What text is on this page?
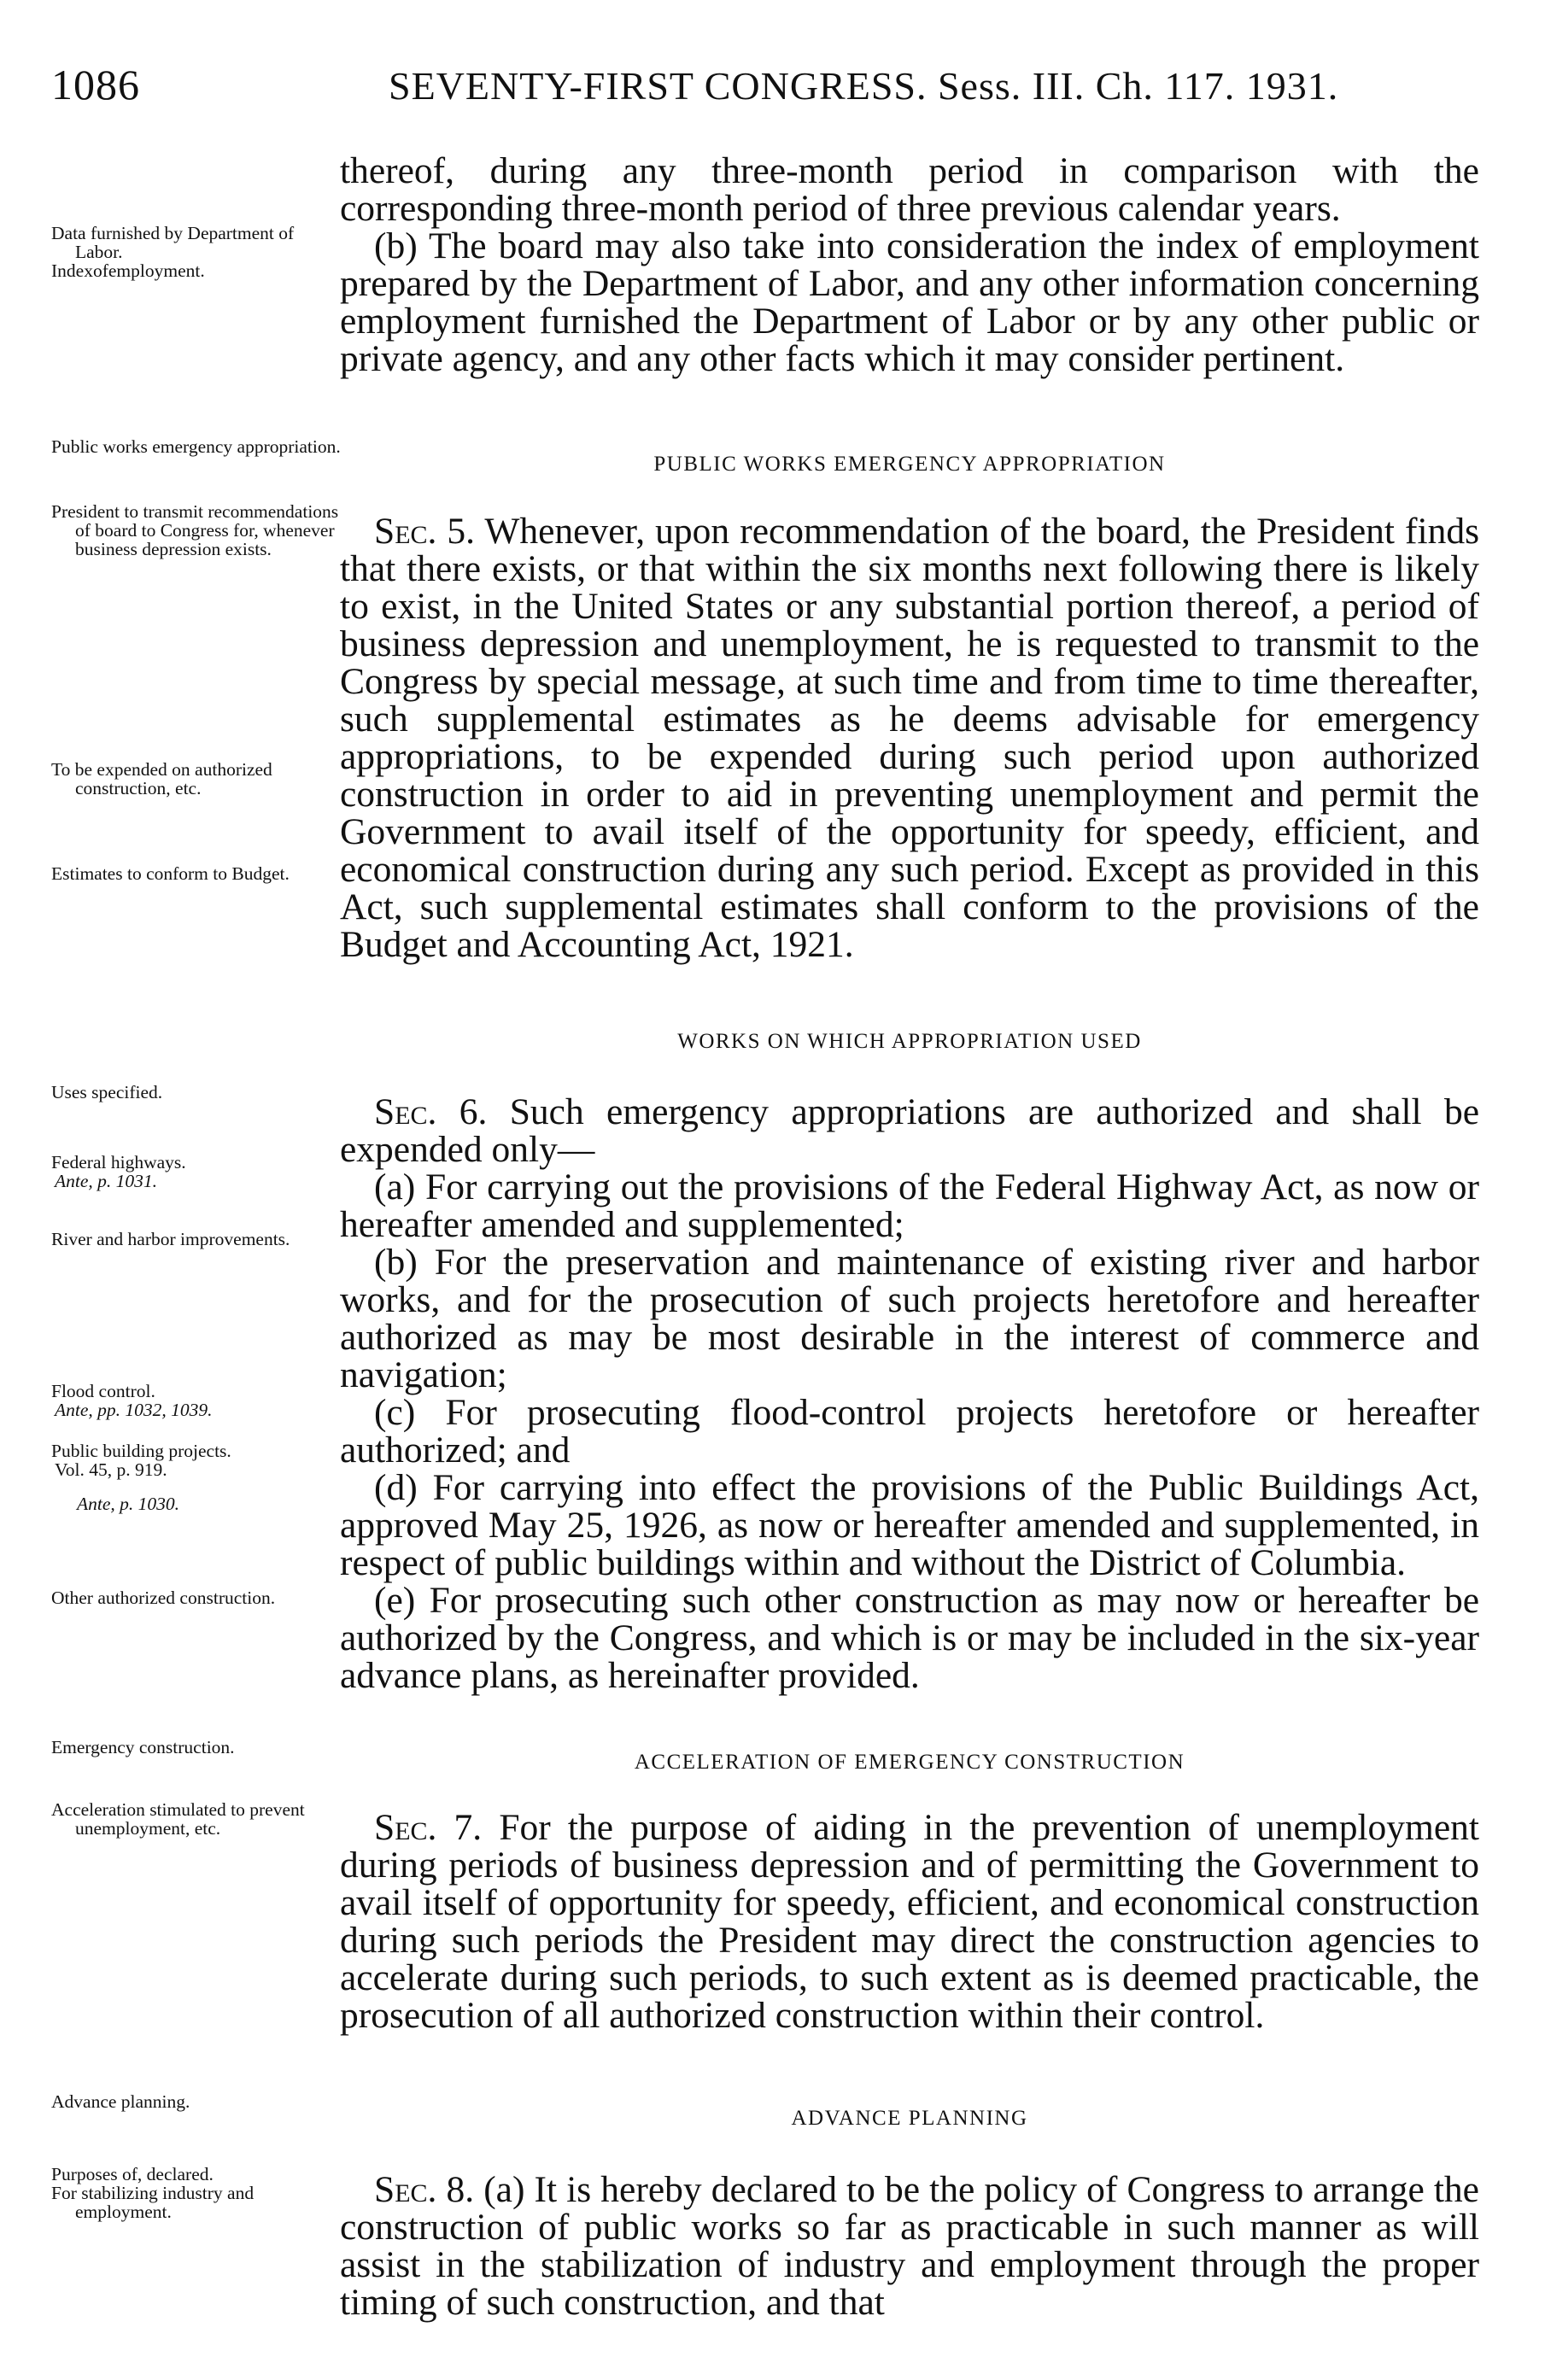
1086	SEVENTY-FIRST CONGRESS. Sess. III. Ch. 117. 1931.
Data furnished by Department of Labor.
Indexofemployment.
Public works emergency appropriation.
President to transmit recommendations of board to Congress for, whenever business depression exists.
To be expended on authorized construction, etc.
Estimates to conform to Budget.
Uses specified.
Federal highways.
Ante, p. 1031.
River and harbor improvements.
Flood control.
Ante, pp. 1032, 1039.
Public building projects.
Vol. 45, p. 919.
Ante, p. 1030.
Other authorized construction.
Emergency construction.
Acceleration stimulated to prevent unemployment, etc.
Advance planning.
Purposes of, declared.
For stabilizing industry and employment.

thereof, during any three-month period in comparison with the corresponding three-month period of three previous calendar years.

(b) The board may also take into consideration the index of employment prepared by the Department of Labor, and any other information concerning employment furnished the Department of Labor or by any other public or private agency, and any other facts which it may consider pertinent.

PUBLIC WORKS EMERGENCY APPROPRIATION

Sec. 5. Whenever, upon recommendation of the board, the President finds that there exists, or that within the six months next following there is likely to exist, in the United States or any substantial portion thereof, a period of business depression and unemployment, he is requested to transmit to the Congress by special message, at such time and from time to time thereafter, such supplemental estimates as he deems advisable for emergency appropriations, to be expended during such period upon authorized construction in order to aid in preventing unemployment and permit the Government to avail itself of the opportunity for speedy, efficient, and economical construction during any such period. Except as provided in this Act, such supplemental estimates shall conform to the provisions of the Budget and Accounting Act, 1921.

WORKS ON WHICH APPROPRIATION USED

Sec. 6. Such emergency appropriations are authorized and shall be expended only—

(a) For carrying out the provisions of the Federal Highway Act, as now or hereafter amended and supplemented;

(b) For the preservation and maintenance of existing river and harbor works, and for the prosecution of such projects heretofore and hereafter authorized as may be most desirable in the interest of commerce and navigation;

(c) For prosecuting flood-control projects heretofore or hereafter authorized; and

(d) For carrying into effect the provisions of the Public Buildings Act, approved May 25, 1926, as now or hereafter amended and supplemented, in respect of public buildings within and without the District of Columbia.

(e) For prosecuting such other construction as may now or hereafter be authorized by the Congress, and which is or may be included in the six-year advance plans, as hereinafter provided.

ACCELERATION OF EMERGENCY CONSTRUCTION

Sec. 7. For the purpose of aiding in the prevention of unemployment during periods of business depression and of permitting the Government to avail itself of opportunity for speedy, efficient, and economical construction during such periods the President may direct the construction agencies to accelerate during such periods, to such extent as is deemed practicable, the prosecution of all authorized construction within their control.

ADVANCE PLANNING

Sec. 8. (a) It is hereby declared to be the policy of Congress to arrange the construction of public works so far as practicable in such manner as will assist in the stabilization of industry and employment through the proper timing of such construction, and that
